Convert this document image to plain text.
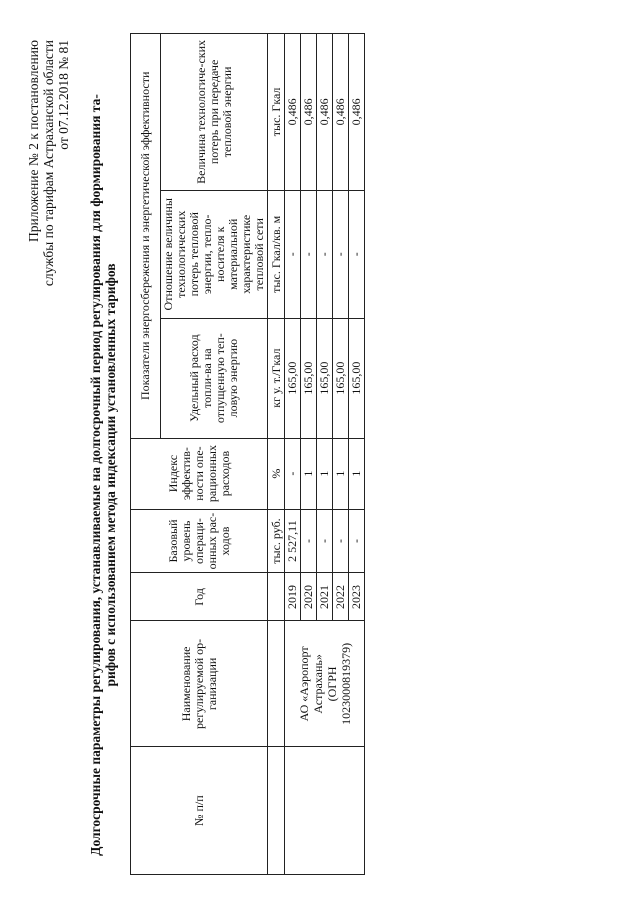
Приложение № 2 к постановлению службы по тарифам Астраханской области от 07.12.2018 № 81 Долгосрочные параметры регулирования, устанавливаемые на долгосрочный период регулирования для формирования та- рифов с использованием метода индексации установленных тарифов
№ п/п	Наименование регулируемой ор-ганизации	Год	Базовый уровень операци-онных рас-ходов	Индекс эффектив-ности опе-рационных расходов	Показатели энергосбережения и энергетической эффективности		
					Удельный расход топли-ва на отпущенную теп-ловую энергию	Отношение величины технологических потерь тепловой энергии, тепло-носителя к материальной характеристике тепловой сети	Величина технологиче-ских потерь при передаче тепловой энергии
			тыс. руб.	%	кг у. т./Гкал	тыс. Гкал/кв. м	тыс. Гкал

	АО «Аэропорт Астрахань» (ОГРН 1023000819379)	2019	2 527,11	-	165,00	-	0,486
		2020	-	1	165,00	-	0,486
		2021	-	1	165,00	-	0,486
		2022	-	1	165,00	-	0,486
		2023	-	1	165,00	-	0,486
